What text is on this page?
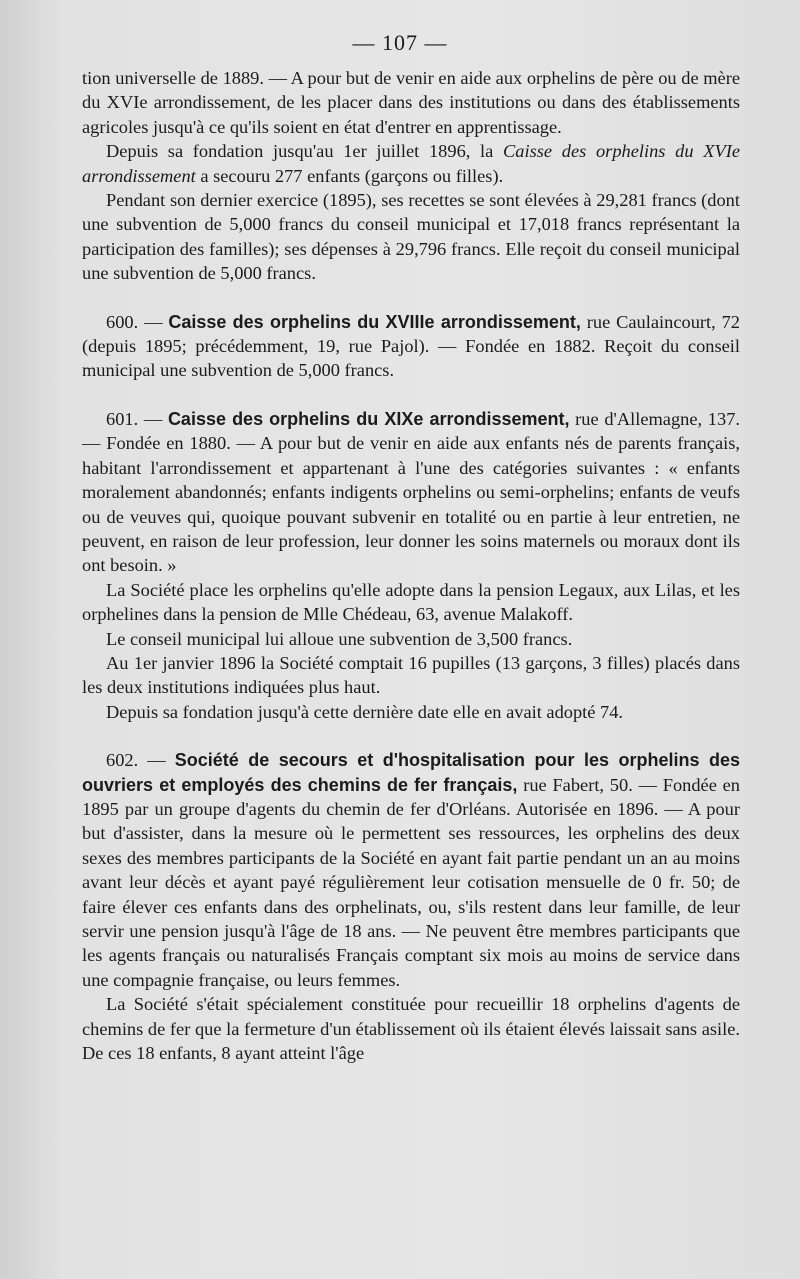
— 107 —

tion universelle de 1889. — A pour but de venir en aide aux orphelins de père ou de mère du XVIe arrondissement, de les placer dans des institutions ou dans des établissements agricoles jusqu'à ce qu'ils soient en état d'entrer en apprentissage.

Depuis sa fondation jusqu'au 1er juillet 1896, la Caisse des orphelins du XVIe arrondissement a secouru 277 enfants (garçons ou filles).

Pendant son dernier exercice (1895), ses recettes se sont élevées à 29,281 francs (dont une subvention de 5,000 francs du conseil municipal et 17,018 francs représentant la participation des familles); ses dépenses à 29,796 francs. Elle reçoit du conseil municipal une subvention de 5,000 francs.

600. — Caisse des orphelins du XVIIIe arrondissement, rue Caulaincourt, 72 (depuis 1895; précédemment, 19, rue Pajol). — Fondée en 1882. Reçoit du conseil municipal une subvention de 5,000 francs.

601. — Caisse des orphelins du XIXe arrondissement, rue d'Allemagne, 137. — Fondée en 1880. — A pour but de venir en aide aux enfants nés de parents français, habitant l'arrondissement et appartenant à l'une des catégories suivantes : « enfants moralement abandonnés; enfants indigents orphelins ou semi-orphelins; enfants de veufs ou de veuves qui, quoique pouvant subvenir en totalité ou en partie à leur entretien, ne peuvent, en raison de leur profession, leur donner les soins maternels ou moraux dont ils ont besoin. »

La Société place les orphelins qu'elle adopte dans la pension Legaux, aux Lilas, et les orphelines dans la pension de Mlle Chédeau, 63, avenue Malakoff.

Le conseil municipal lui alloue une subvention de 3,500 francs.

Au 1er janvier 1896 la Société comptait 16 pupilles (13 garçons, 3 filles) placés dans les deux institutions indiquées plus haut.

Depuis sa fondation jusqu'à cette dernière date elle en avait adopté 74.

602. — Société de secours et d'hospitalisation pour les orphelins des ouvriers et employés des chemins de fer français, rue Fabert, 50. — Fondée en 1895 par un groupe d'agents du chemin de fer d'Orléans. Autorisée en 1896. — A pour but d'assister, dans la mesure où le permettent ses ressources, les orphelins des deux sexes des membres participants de la Société en ayant fait partie pendant un an au moins avant leur décès et ayant payé régulièrement leur cotisation mensuelle de 0 fr. 50; de faire élever ces enfants dans des orphelinats, ou, s'ils restent dans leur famille, de leur servir une pension jusqu'à l'âge de 18 ans. — Ne peuvent être membres participants que les agents français ou naturalisés Français comptant six mois au moins de service dans une compagnie française, ou leurs femmes.

La Société s'était spécialement constituée pour recueillir 18 orphelins d'agents de chemins de fer que la fermeture d'un établissement où ils étaient élevés laissait sans asile. De ces 18 enfants, 8 ayant atteint l'âge
